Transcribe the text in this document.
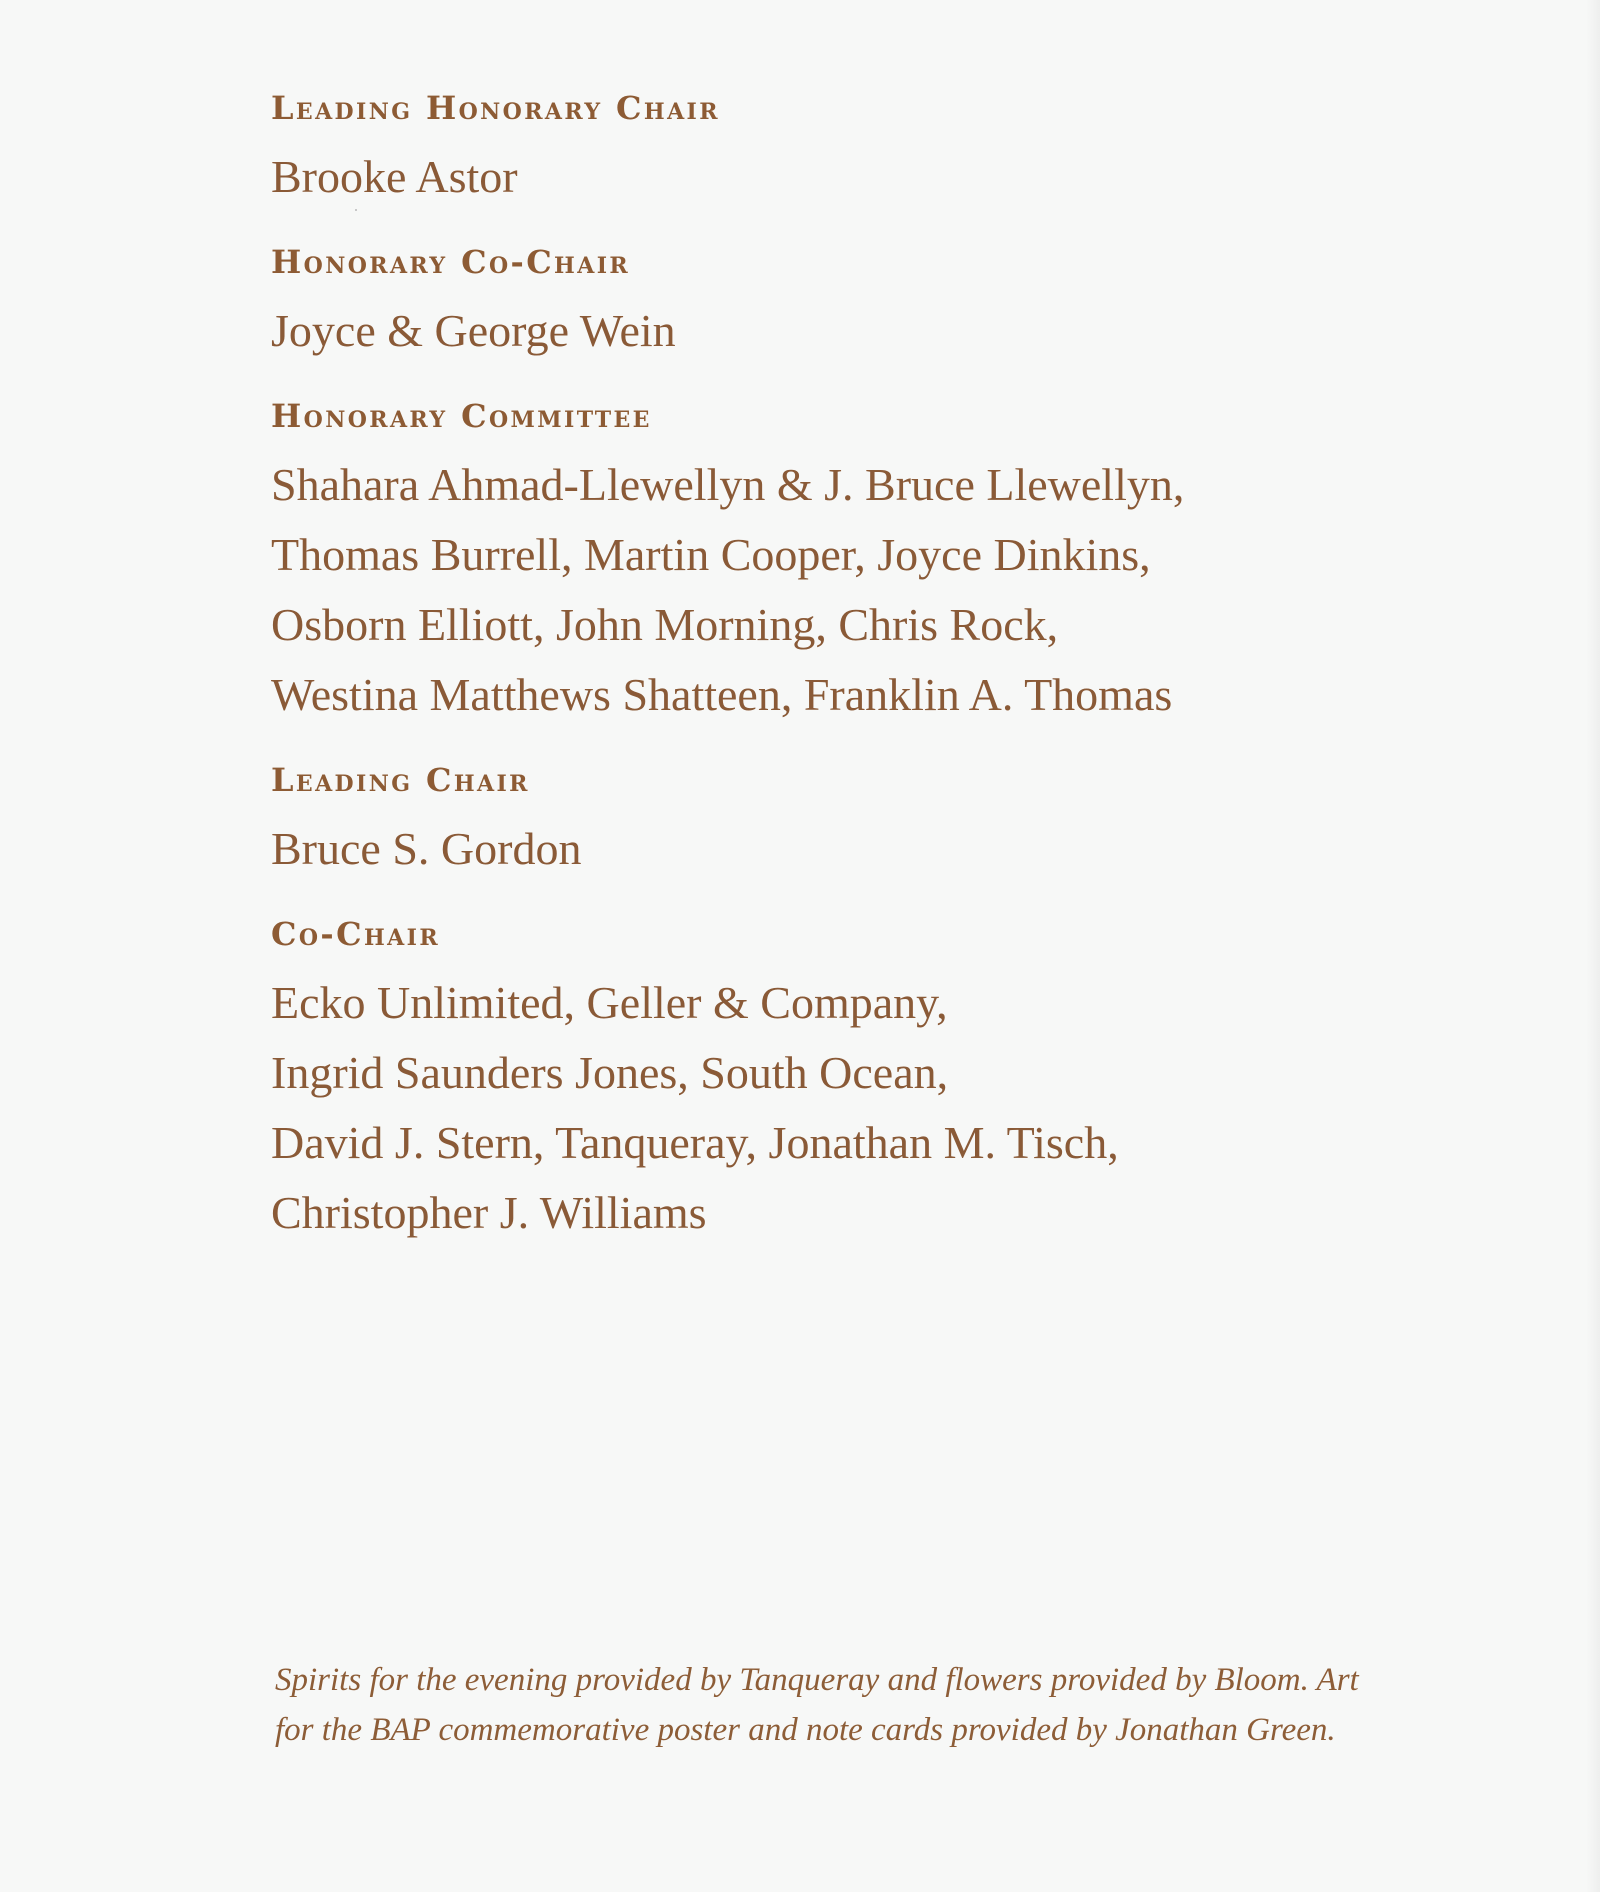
Leading Honorary Chair
Brooke Astor
Honorary Co-Chair
Joyce & George Wein
Honorary Committee
Shahara Ahmad-Llewellyn & J. Bruce Llewellyn,
Thomas Burrell, Martin Cooper, Joyce Dinkins,
Osborn Elliott, John Morning, Chris Rock,
Westina Matthews Shatteen, Franklin A. Thomas
Leading Chair
Bruce S. Gordon
Co-Chair
Ecko Unlimited, Geller & Company,
Ingrid Saunders Jones, South Ocean,
David J. Stern, Tanqueray, Jonathan M. Tisch,
Christopher J. Williams
Spirits for the evening provided by Tanqueray and flowers provided by Bloom. Art
for the BAP commemorative poster and note cards provided by Jonathan Green.
